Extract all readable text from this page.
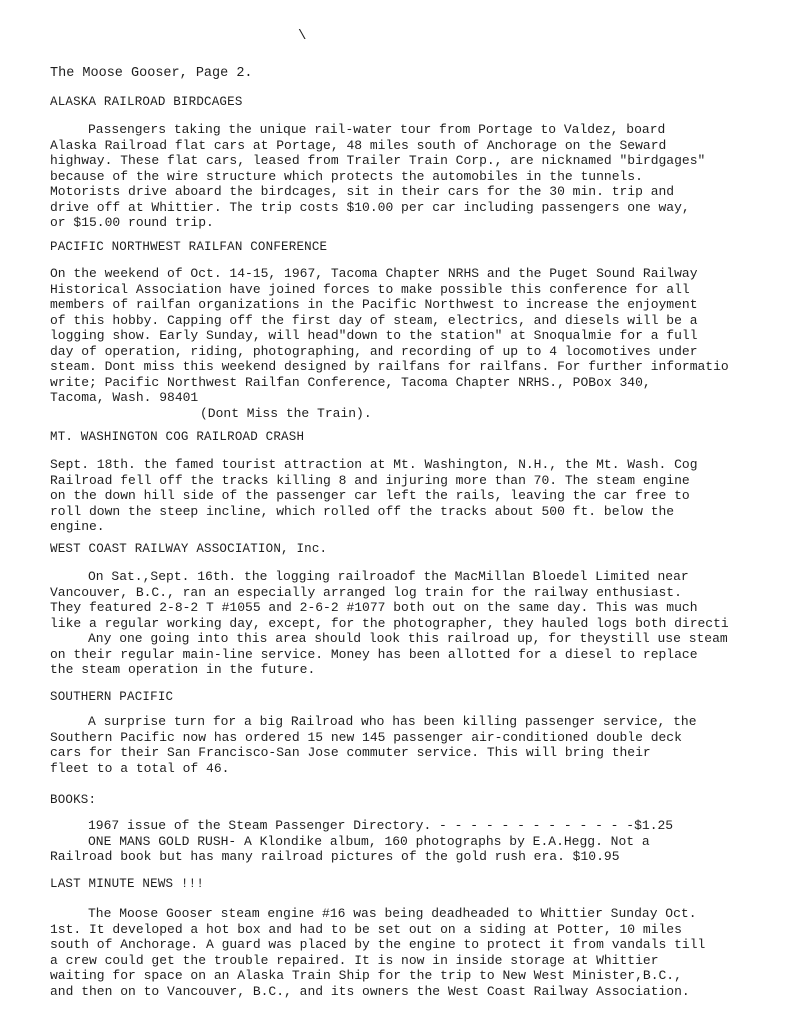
\
The Moose Gooser, Page 2.
ALASKA RAILROAD BIRDCAGES
Passengers taking the unique rail-water tour from Portage to Valdez, board
Alaska Railroad flat cars at Portage, 48 miles south of Anchorage on the Seward
highway. These flat cars, leased from Trailer Train Corp., are nicknamed "birdgages"
because of the wire structure which protects the automobiles in the tunnels.
Motorists drive aboard the birdcages, sit in their cars for the 30 min. trip and
drive off at Whittier. The trip costs $10.00 per car including passengers one way,
or $15.00 round trip.
PACIFIC NORTHWEST RAILFAN CONFERENCE
On the weekend of Oct. 14-15, 1967, Tacoma Chapter NRHS and the Puget Sound Railway
Historical Association have joined forces to make possible this conference for all
members of railfan organizations in the Pacific Northwest to increase the enjoyment
of this hobby. Capping off the first day of steam, electrics, and diesels will be a
logging show. Early Sunday, will head"down to the station" at Snoqualmie for a full
day of operation, riding, photographing, and recording of up to 4 locomotives under
steam. Dont miss this weekend designed by railfans for railfans. For further informatio
write; Pacific Northwest Railfan Conference, Tacoma Chapter NRHS., POBox 340,
Tacoma, Wash. 98401
(Dont Miss the Train).
MT. WASHINGTON COG RAILROAD CRASH
Sept. 18th. the famed tourist attraction at Mt. Washington, N.H., the Mt. Wash. Cog
Railroad fell off the tracks killing 8 and injuring more than 70. The steam engine
on the down hill side of the passenger car left the rails, leaving the car free to
roll down the steep incline, which rolled off the tracks about 500 ft. below the
engine.
WEST COAST RAILWAY ASSOCIATION, Inc.
On Sat.,Sept. 16th. the logging railroadof the MacMillan Bloedel Limited near
Vancouver, B.C., ran an especially arranged log train for the railway enthusiast.
They featured 2-8-2 T #1055 and 2-6-2 #1077 both out on the same day. This was much
like a regular working day, except, for the photographer, they hauled logs both directi
Any one going into this area should look this railroad up, for theystill use steam
on their regular main-line service. Money has been allotted for a diesel to replace
the steam operation in the future.
SOUTHERN PACIFIC
A surprise turn for a big Railroad who has been killing passenger service, the
Southern Pacific now has ordered 15 new 145 passenger air-conditioned double deck
cars for their San Francisco-San Jose commuter service. This will bring their
fleet to a total of 46.
BOOKS:
1967 issue of the Steam Passenger Directory. - - - - - - - - - - - - -$1.25
ONE MANS GOLD RUSH- A Klondike album, 160 photographs by E.A.Hegg. Not a
Railroad book but has many railroad pictures of the gold rush era. $10.95
LAST MINUTE NEWS !!!
The Moose Gooser steam engine #16 was being deadheaded to Whittier Sunday Oct.
1st. It developed a hot box and had to be set out on a siding at Potter, 10 miles
south of Anchorage. A guard was placed by the engine to protect it from vandals till
a crew could get the trouble repaired. It is now in inside storage at Whittier
waiting for space on an Alaska Train Ship for the trip to New West Minister,B.C.,
and then on to Vancouver, B.C., and its owners the West Coast Railway Association.
